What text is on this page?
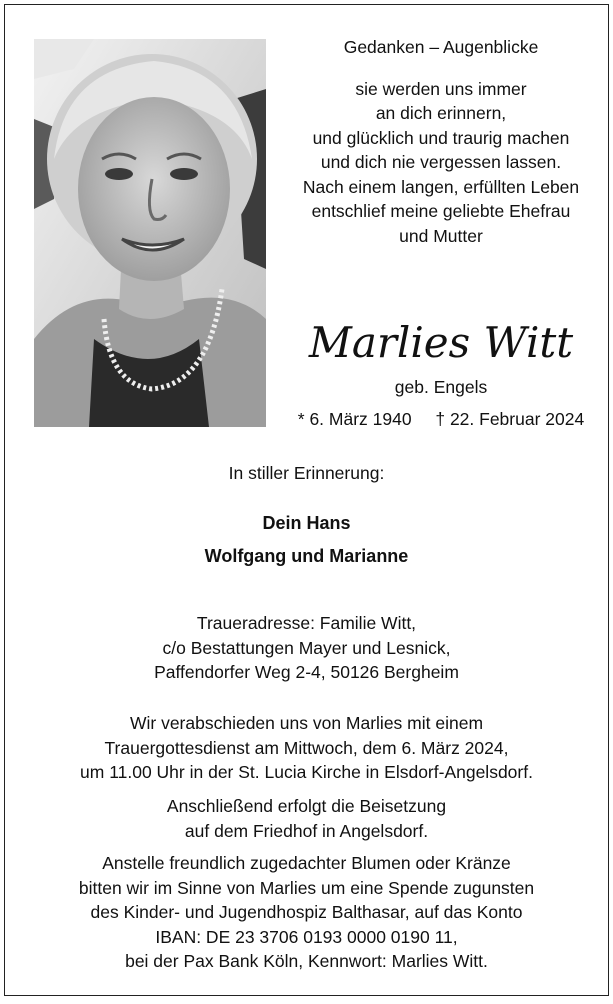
Gedanken – Augenblicke

sie werden uns immer

an dich erinnern,

und glücklich und traurig machen

und dich nie vergessen lassen.

Nach einem langen, erfüllten Leben

entschlief meine geliebte Ehefrau

und Mutter

Marlies Witt
geb. Engels
* 6. März 1940 † 22. Februar 2024
In stiller Erinnerung:
Dein Hans
Wolfgang und Marianne
Traueradresse: Familie Witt,
c/o Bestattungen Mayer und Lesnick,
Paffendorfer Weg 2-4, 50126 Bergheim
Wir verabschieden uns von Marlies mit einem
Trauergottesdienst am Mittwoch, dem 6. März 2024,
um 11.00 Uhr in der St. Lucia Kirche in Elsdorf-Angelsdorf.
Anschließend erfolgt die Beisetzung
auf dem Friedhof in Angelsdorf.
Anstelle freundlich zugedachter Blumen oder Kränze
bitten wir im Sinne von Marlies um eine Spende zugunsten
des Kinder- und Jugendhospiz Balthasar, auf das Konto
IBAN: DE 23 3706 0193 0000 0190 11,
bei der Pax Bank Köln, Kennwort: Marlies Witt.
